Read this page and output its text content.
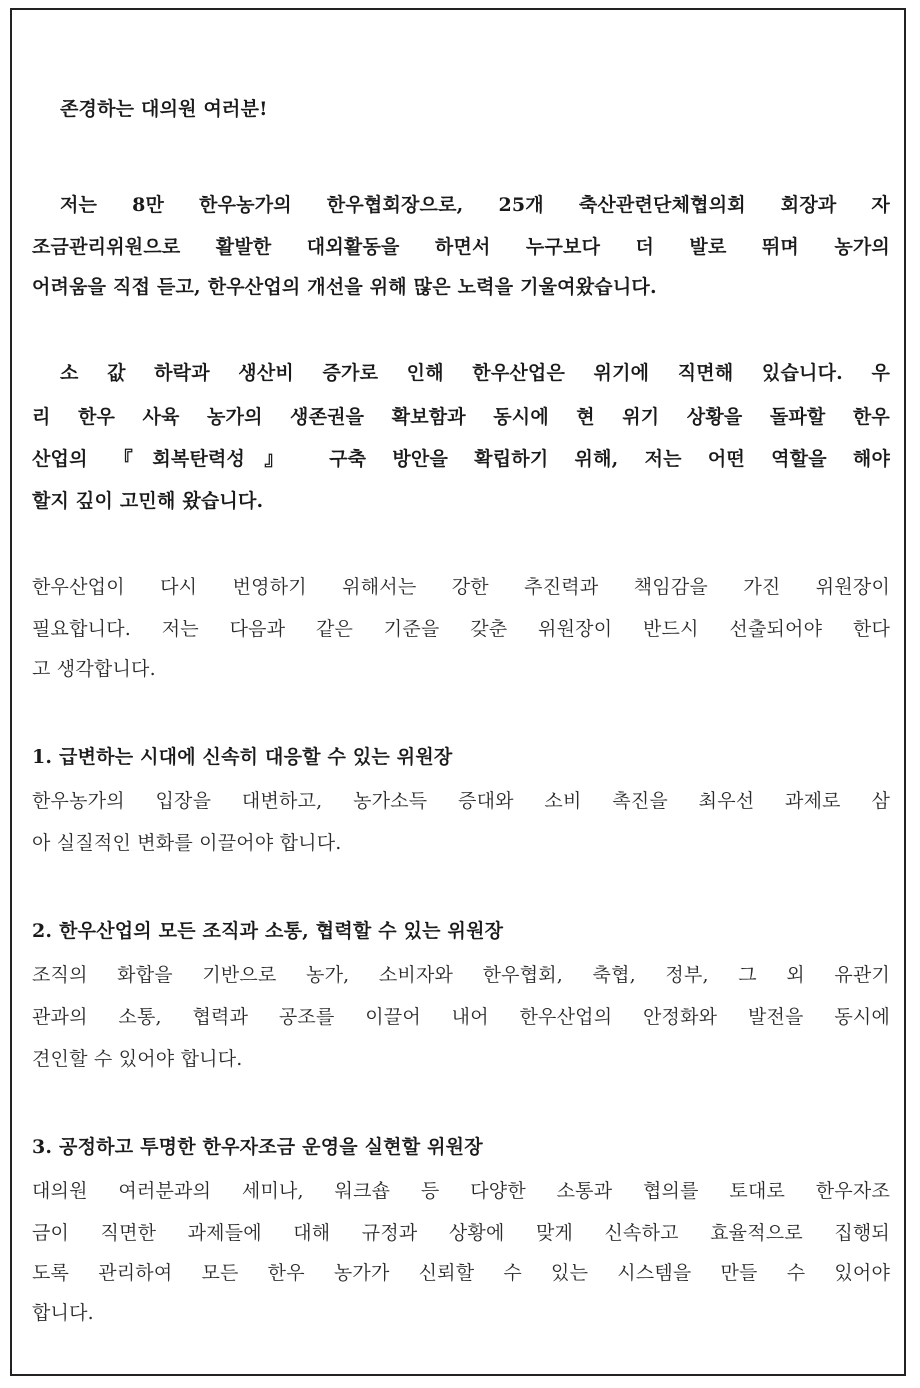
존경하는 대의원 여러분!
저는 8만 한우농가의 한우협회장으로, 25개 축산관련단체협의회 회장과 자
조금관리위원으로 활발한 대외활동을 하면서 누구보다 더 발로 뛰며 농가의
어려움을 직접 듣고, 한우산업의 개선을 위해 많은 노력을 기울여왔습니다.
소 값 하락과 생산비 증가로 인해 한우산업은 위기에 직면해 있습니다. 우
리 한우 사육 농가의 생존권을 확보함과 동시에 현 위기 상황을 돌파할 한우
산업의 『회복탄력성』 구축 방안을 확립하기 위해, 저는 어떤 역할을 해야
할지 깊이 고민해 왔습니다.
한우산업이 다시 번영하기 위해서는 강한 추진력과 책임감을 가진 위원장이
필요합니다. 저는 다음과 같은 기준을 갖춘 위원장이 반드시 선출되어야 한다
고 생각합니다.
1. 급변하는 시대에 신속히 대응할 수 있는 위원장
한우농가의 입장을 대변하고, 농가소득 증대와 소비 촉진을 최우선 과제로 삼
아 실질적인 변화를 이끌어야 합니다.
2. 한우산업의 모든 조직과 소통, 협력할 수 있는 위원장
조직의 화합을 기반으로 농가, 소비자와 한우협회, 축협, 정부, 그 외 유관기
관과의 소통, 협력과 공조를 이끌어 내어 한우산업의 안정화와 발전을 동시에
견인할 수 있어야 합니다.
3. 공정하고 투명한 한우자조금 운영을 실현할 위원장
대의원 여러분과의 세미나, 워크숍 등 다양한 소통과 협의를 토대로 한우자조
금이 직면한 과제들에 대해 규정과 상황에 맞게 신속하고 효율적으로 집행되
도록 관리하여 모든 한우 농가가 신뢰할 수 있는 시스템을 만들 수 있어야
합니다.
